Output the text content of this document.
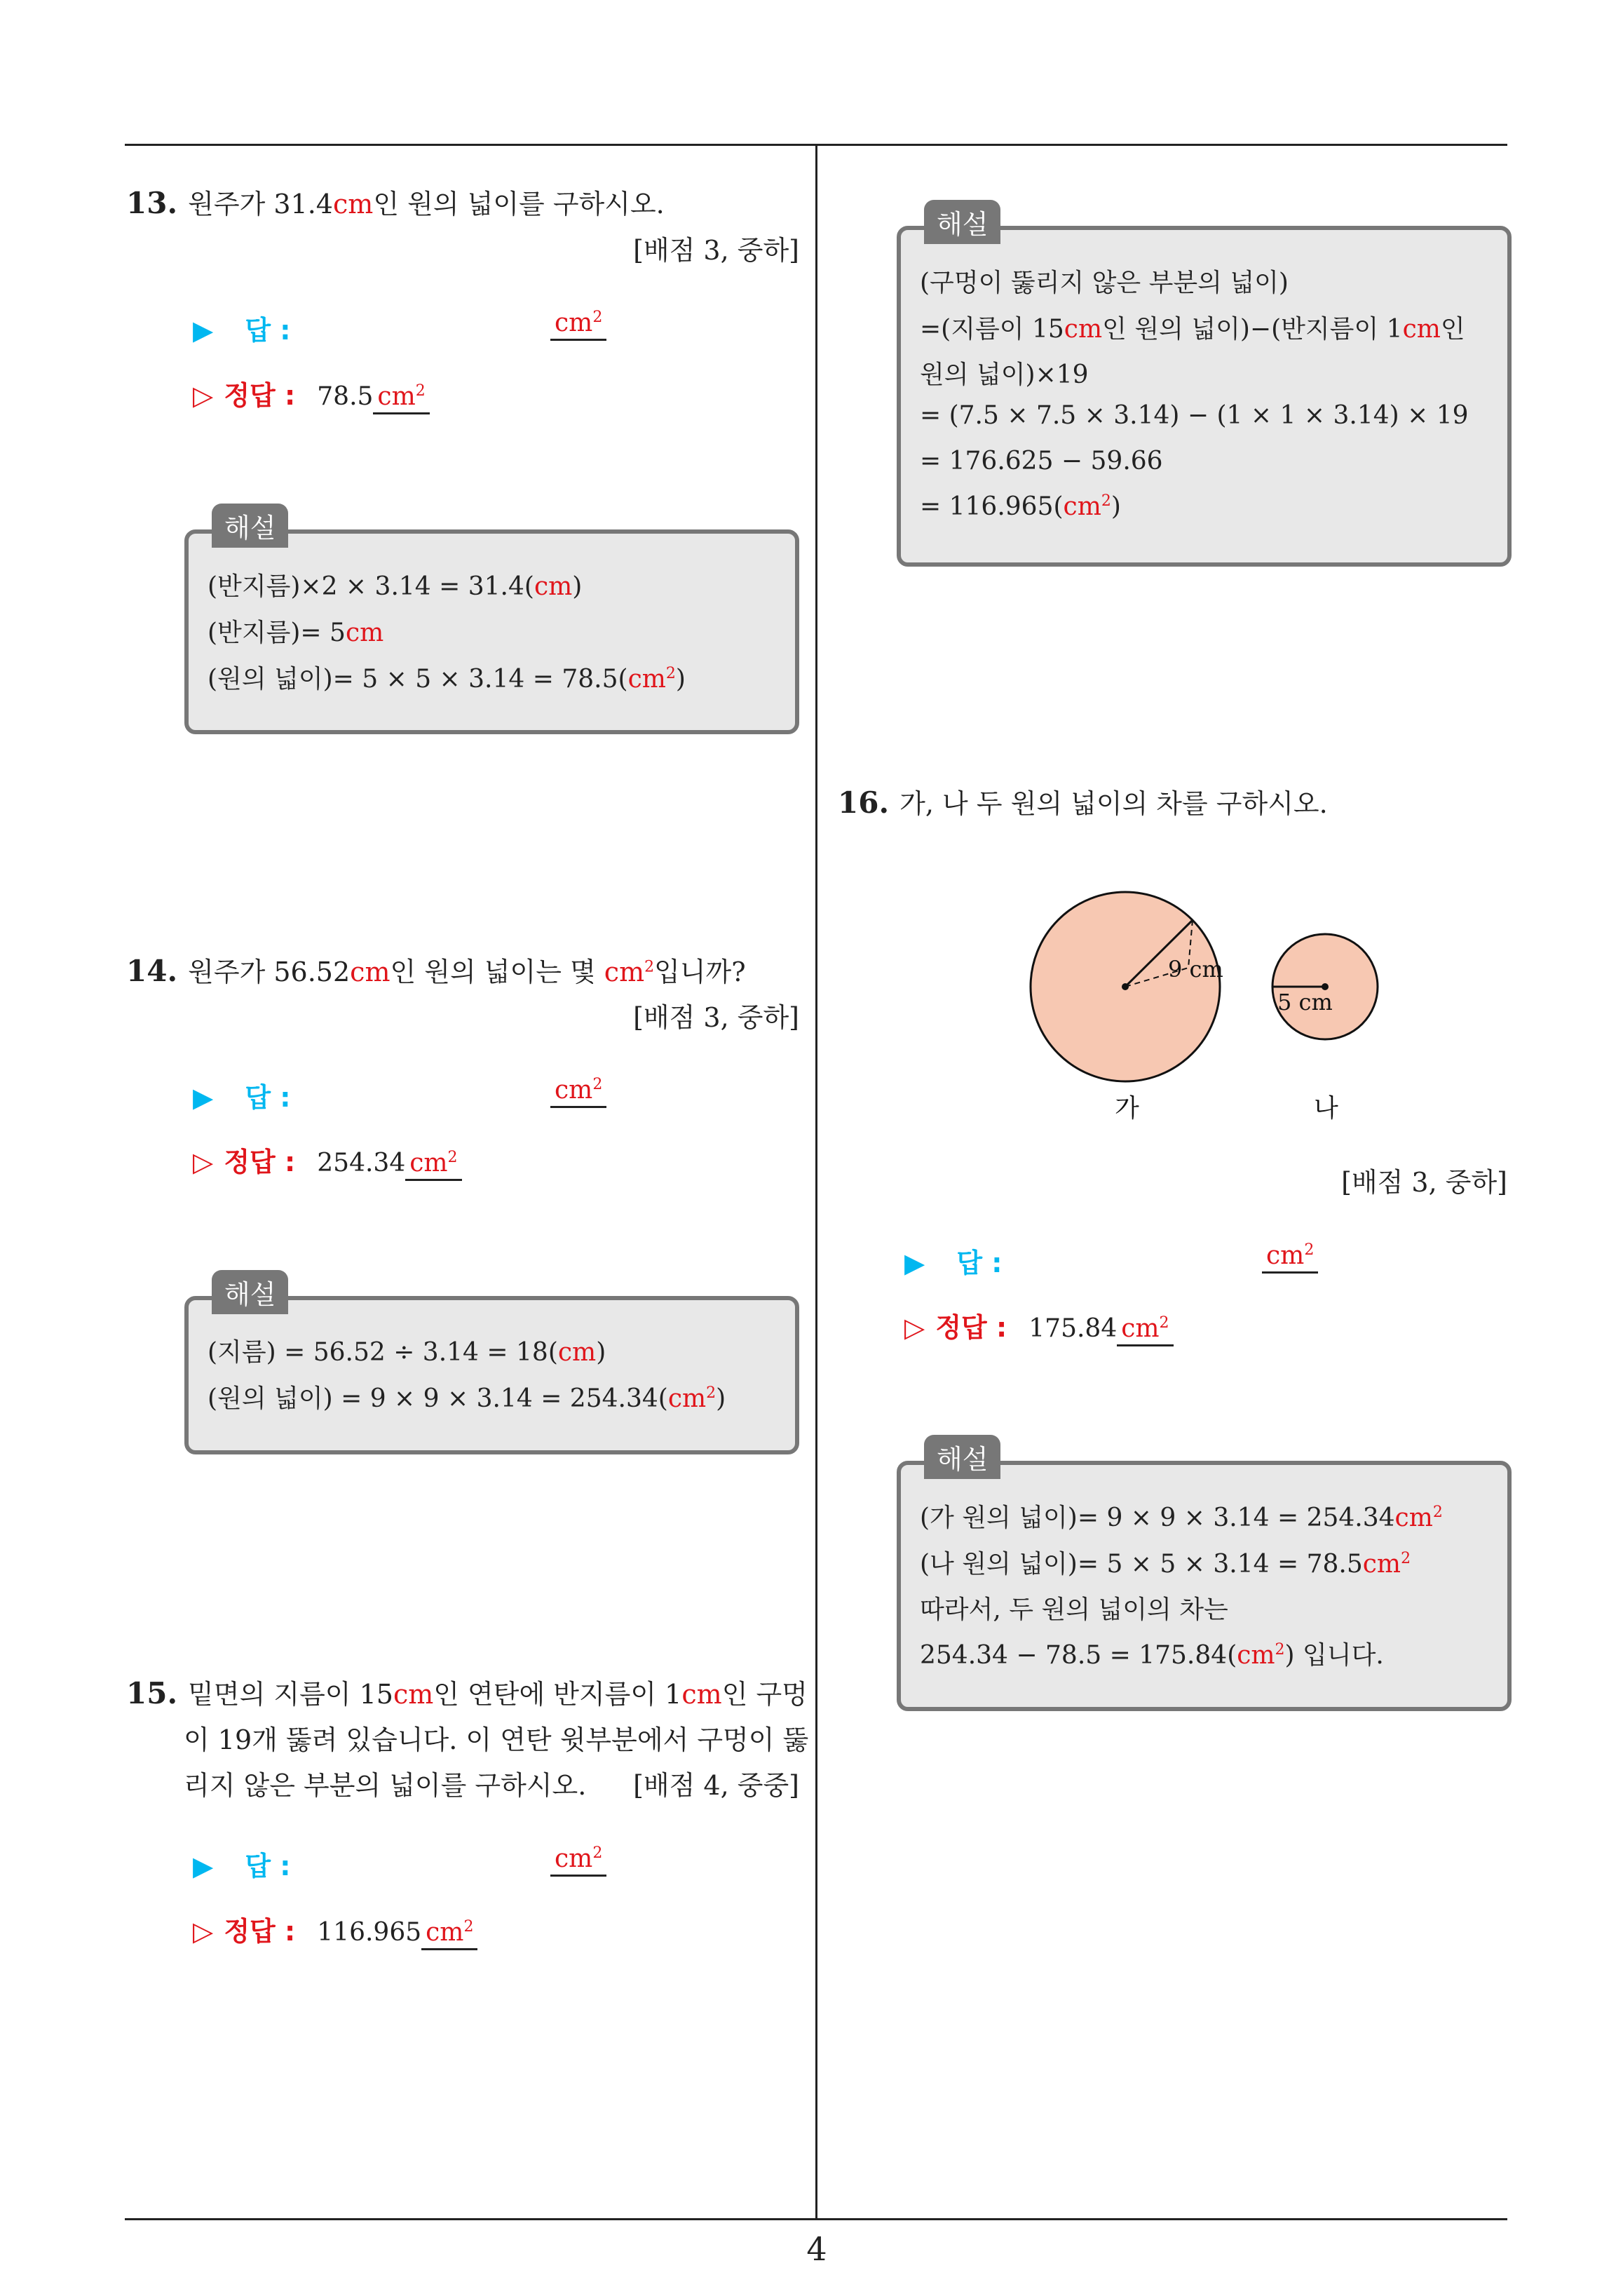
4
13. 원주가 31.4cm인 원의 넓이를 구하시오.
[배점 3, 중하]
▶ 답 :	$cm^2$
▷ 정답 : 78.5 $cm^2$
해설
(반지름)×2 × 3.14 = 31.4(cm)
(반지름)= 5cm
(원의 넓이)= $5 \times 5 \times 3.14 = 78.5(cm^2)$
14. 원주가 56.52cm인 원의 넓이는 몇 $cm^2$입니까?
[배점 3, 중하]
▶ 답 :	$cm^2$
▷ 정답 : 254.34 $cm^2$
해설
(지름) = 56.52 ÷ 3.14 = 18(cm)
(원의 넓이) = $9 \times 9 \times 3.14 = 254.34(cm^2)$
15. 밑면의 지름이 15cm인 연탄에 반지름이 1cm인 구멍
이 19개 뚫려 있습니다. 이 연탄 윗부분에서 구멍이 뚫
리지 않은 부분의 넓이를 구하시오.	[배점 4, 중중]
▶ 답 :	$cm^2$
▷ 정답 : 116.965 $cm^2$
해설
(구멍이 뚫리지 않은 부분의 넓이)
=(지름이 15cm인 원의 넓이)−(반지름이 1cm인
원의 넓이)×19
= (7.5 × 7.5 × 3.14) − (1 × 1 × 3.14) × 19
= 176.625 − 59.66
= $116.965(cm^2)$
16. 가, 나 두 원의 넓이의 차를 구하시오.
9 cm
5 cm
가	나
[배점 3, 중하]
▶ 답 :	$cm^2$
▷ 정답 : 175.84 $cm^2$
해설
(가 원의 넓이)= $9 \times 9 \times 3.14 = 254.34cm^2$
(나 원의 넓이)= $5 \times 5 \times 3.14 = 78.5cm^2$
따라서, 두 원의 넓이의 차는
$254.34 - 78.5 = 175.84(cm^2)$ 입니다.
